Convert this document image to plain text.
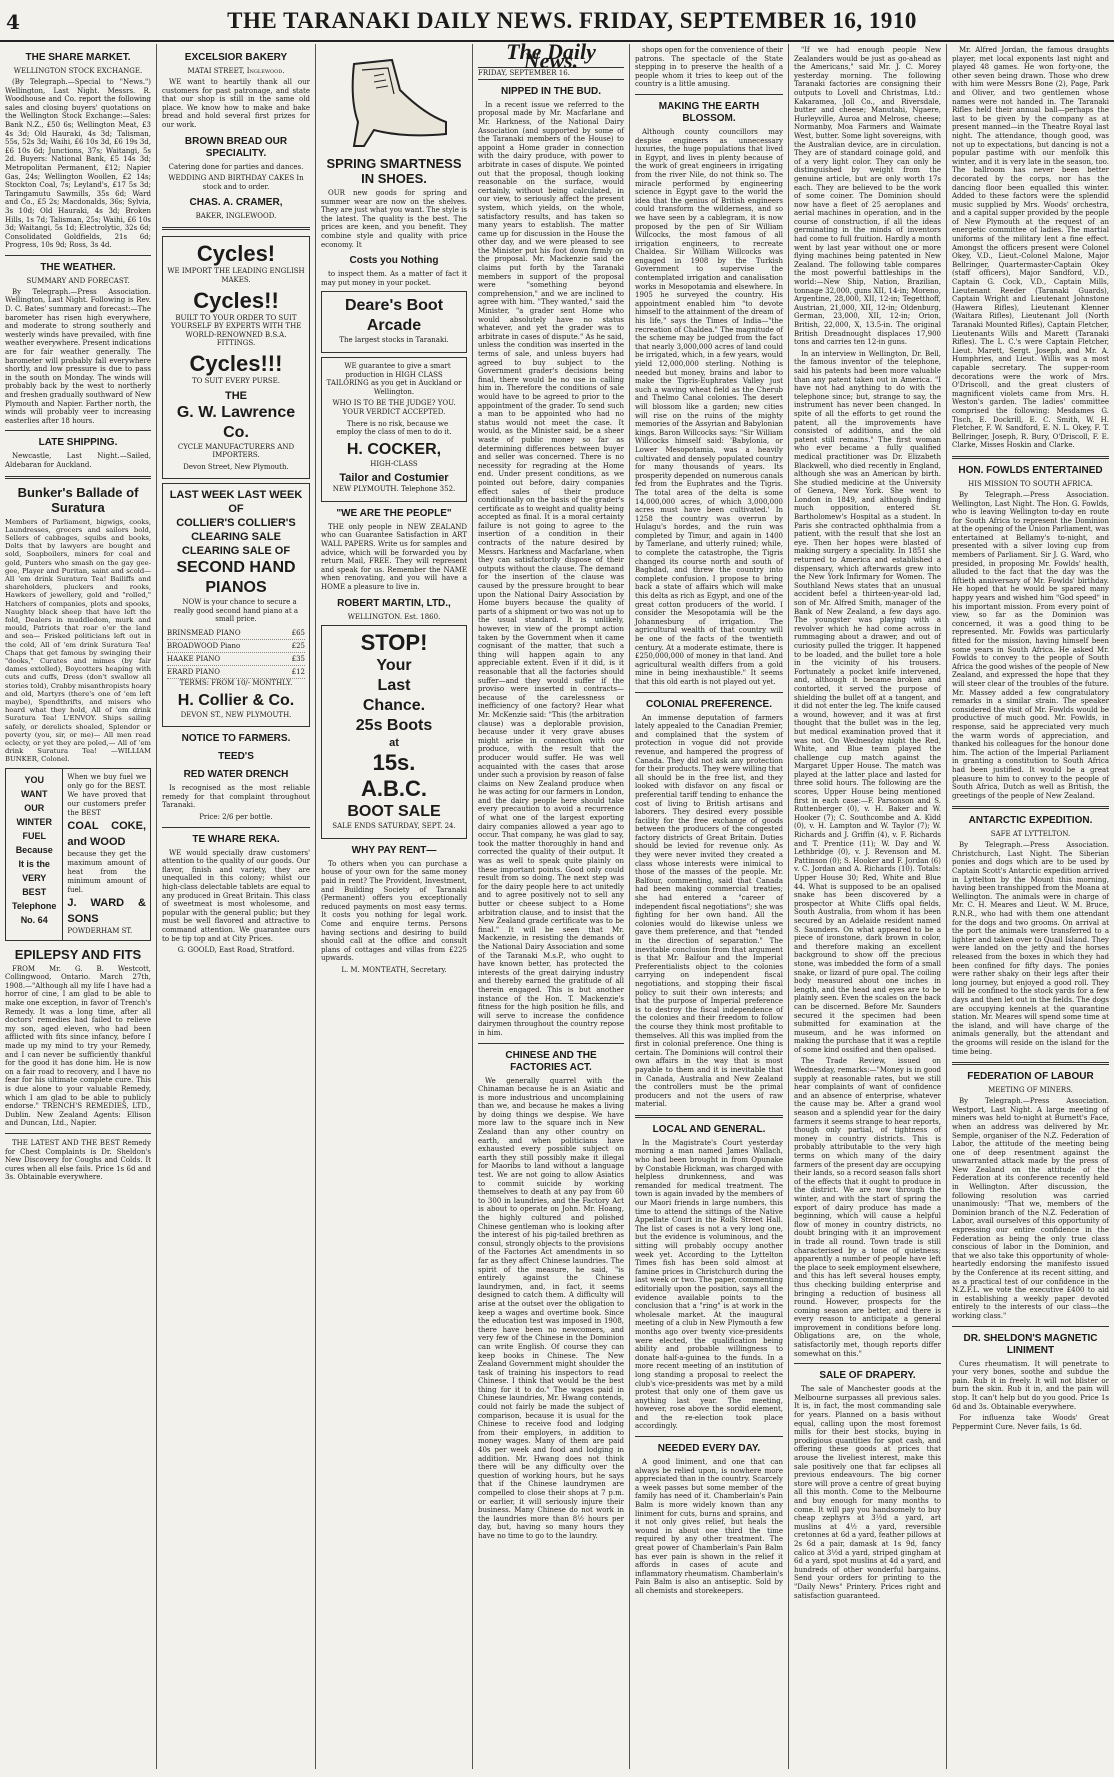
4	THE TARANAKI DAILY NEWS. FRIDAY, SEPTEMBER 16, 1910
THE SHARE MARKET.
WELLINGTON STOCK EXCHANGE.

(By Telegraph.—Special to "News.") Wellington, Last Night. Messrs. R. Woodhouse and Co. report the following sales and closing buyers' quotations on the Wellington Stock Exchange:—Sales: Bank N.Z., £50 6s; Wellington Meat, £3 4s 3d; Old Hauraki, 4s 3d; Talisman, 55s, 52s 3d; Waihi, £6 10s 3d, £6 19s 3d, £6 10s 6d; Junctions, 37s; Waitangi, 5s 2d. Buyers: National Bank, £5 14s 3d; Metropolitan Permanent, £12; Napier Gas, 24s; Wellington Woollen, £2 14s; Stockton Coal, 7s; Leyland's, £17 5s 3d; Taringamutu Sawmills, 35s 6d; Ward and Co., £5 2s; Macdonalds, 36s; Sylvia, 3s 10d; Old Hauraki, 4s 3d; Broken Hills, 1s 7d; Talisman, 25s; Waihi, £6 10s 3d; Waitangi, 5s 1d; Electrolytic, 32s 6d; Consolidated Goldfields, 21s 6d; Progress, 10s 9d; Ross, 3s 4d.

THE WEATHER.
SUMMARY AND FORECAST.

By Telegraph.—Press Association. Wellington, Last Night. Following is Rev. D. C. Bates' summary and forecast:—The barometer has risen high everywhere, and moderate to strong southerly and westerly winds have prevailed, with fine weather everywhere. Present indications are for fair weather generally. The barometer will probably fall everywhere shortly, and low pressure is due to pass in the south on Monday. The winds will probably back by the west to northerly and freshen gradually southward of New Plymouth and Napier. Farther north, the winds will probably veer to increasing easterlies after 18 hours.

LATE SHIPPING.

Newcastle, Last Night.—Sailed, Aldebaran for Auckland.

Bunker's Ballade of Suratura

Members of Parliament, bigwigs, cooks, Laundresses, grocers and sailors bold, Sellers of cabbages, squibs and books, Dolts that by lawyers are bought and sold, Soapboilers, miners for coal and gold, Punters who smash on the gay gee-gee, Player and Puritan, saint and scold— All 'em drink Suratura Tea! Bailiffs and shareholders, pluckers and rooks, Hawkers of jewellery, gold and "rolled," Hatchers of companies, plots and spooks, Naughty black sheep that have left the fold, Dealers in muddledom, murk and mould, Patriots that roar o'er the land and sea— Frisked politicians left out in the cold, All of 'em drink Suratura Tea! Chaps that get famous by swinging their "dooks," Curates and mimes (by fair dames extolled), Boycotters heaping with cuts and cuffs, Dress (don't swallow all stories told), Crabby misanthropists hoary and old, Martyrs (there's one of 'em left maybe), Spendthrifts, and misers who hoard what they hold, All of 'em drink Suratura Tea! L'ENVOY. Ships sailing safely, or derelicts shoaled, Splendor or poverty (you, sir, or me)— All men read eclecty, or yet they are poled,— All of 'em drink Suratura Tea! —WILLIAM BUNKER, Colonel.

YOU
WANT
OUR
WINTER
FUEL
Because
It is the
VERY
BEST
Telephone No. 64
When we buy fuel we only go for the BEST. We have proved that our customers prefer the BEST
COAL COKE, and WOOD
because they get the maximum amount of heat from the minimum amount of fuel.
J. WARD & SONS
POWDERHAM ST.
EPILEPSY AND FITS

FROM Mr. G. B. Westcott, Collingwood, Ontario. March 27th, 1908.—"Although all my life I have had a horror of cine, I am glad to be able to make one exception, in favor of Trench's Remedy. It was a long time, after all doctors' remedies had failed to relieve my son, aged eleven, who had been afflicted with fits since infancy, before I made up my mind to try your Remedy, and I can never be sufficiently thankful for the good it has done him. He is now on a fair road to recovery, and I have no fear for his ultimate complete cure. This is due alone to your valuable Remedy, which I am glad to be able to publicly endorse." TRENCH'S REMEDIES, LTD., Dublin. New Zealand Agents: Ellison and Duncan, Ltd., Napier.

THE LATEST AND THE BEST Remedy for Chest Complaints is Dr. Sheldon's New Discovery for Coughs and Colds. It cures when all else fails. Price 1s 6d and 3s. Obtainable everywhere.

EXCELSIOR BAKERY
MATAI STREET, Inglewood.

WE want to heartily thank all our customers for past patronage, and state that our shop is still in the same old place. We know how to make and bake bread and hold several first prizes for our work.

BROWN BREAD OUR SPECIALITY.

Catering done for parties and dances.

WEDDING AND BIRTHDAY CAKES In stock and to order.

CHAS. A. CRAMER,
BAKER, INGLEWOOD.
Cycles!

WE IMPORT THE LEADING ENGLISH MAKES.

Cycles!!

BUILT TO YOUR ORDER TO SUIT YOURSELF BY EXPERTS WITH THE WORLD-RENOWNED B.S.A. FITTINGS.

Cycles!!!

TO SUIT EVERY PURSE.

THE
G. W. Lawrence Co.

CYCLE MANUFACTURERS AND IMPORTERS.

Devon Street, New Plymouth.

LAST WEEK LAST WEEK OF
COLLIER'S COLLIER'S
CLEARING SALE CLEARING SALE OF
SECOND HAND PIANOS

NOW is your chance to secure a really good second hand piano at a small price.

BRINSMEAD PIANO	£65
BROADWOOD Piano	£25
HAAKE PIANO	£35
ERARD PIANO	£12

TERMS: FROM 10/- MONTHLY.

H. Collier & Co.

DEVON ST., NEW PLYMOUTH.

NOTICE TO FARMERS.
TEED'S
RED WATER DRENCH

Is recognised as the most reliable remedy for that complaint throughout Taranaki.

Price: 2/6 per bottle.

TE WHARE REKA.

WE would specially draw customers' attention to the quality of our goods. Our flavor, finish and variety, they are unequalled in this colony; whilst our high-class delectable tablets are equal to any produced in Great Britain. This class of sweetmeat is most wholesome, and popular with the general public; but they must be well flavored and attractive to command attention. We guarantee ours to be tip top and at City Prices.

G. GOOLD, East Road, Stratford.

SPRING SMARTNESS IN SHOES.

OUR new goods for spring and summer wear are now on the shelves. They are just what you want. The style is the latest. The quality is the best. The prices are keen, and you benefit. They combine style and quality with price economy. It

Costs you Nothing

to inspect them. As a matter of fact it may put money in your pocket.

Deare's Boot Arcade

The largest stocks in Taranaki.

WE guarantee to give a smart production in HIGH CLASS TAILORING as you get in Auckland or Wellington.

WHO IS TO BE THE JUDGE? YOU. YOUR VERDICT ACCEPTED.

There is no risk, because we employ the class of men to do it.

H. COCKER,

HIGH-CLASS

Tailor and Costumier

NEW PLYMOUTH. Telephone 352.

"WE ARE THE PEOPLE"

THE only people in NEW ZEALAND who can Guarantee Satisfaction in ART WALL PAPERS. Write us for samples and advice, which will be forwarded you by return Mail, FREE. They will represent and speak for us. Remember the NAME when renovating, and you will have a HOME a pleasure to live in.

ROBERT MARTIN, LTD.,

WELLINGTON. Est. 1860.

STOP!
Your
Last
Chance.
25s Boots
at
15s.
A.B.C.
BOOT SALE

SALE ENDS SATURDAY, SEPT. 24.

WHY PAY RENT—

To others when you can purchase a house of your own for the same money paid in rent? The Provident, Investment, and Building Society of Taranaki (Permanent) offers you exceptionally reduced payments on most easy terms. It costs you nothing for legal work. Come and enquire terms. Persons having sections and desiring to build should call at the office and consult plans of cottages and villas from £225 upwards.

L. M. MONTEATH, Secretary.

The Daily News.
FRIDAY, SEPTEMBER 16.
NIPPED IN THE BUD.

In a recent issue we referred to the proposal made by Mr. Macfarlane and Mr. Harkness, of the National Dairy Association (and supported by some of the Taranaki members of the House) to appoint a Home grader in connection with the dairy produce, with power to arbitrate in cases of dispute. We pointed out that the proposal, though looking reasonable on the surface, would certainly, without being calculated, in our view, to seriously affect the present system, which yields, on the whole, satisfactory results, and has taken so many years to establish. The matter came up for discussion in the House the other day, and we were pleased to see the Minister put his foot down firmly on the proposal. Mr. Mackenzie said the claims put forth by the Taranaki members in support of the proposal were "something beyond comprehension," and we are inclined to agree with him. "They wanted," said the Minister, "a grader sent Home who would absolutely have no status whatever, and yet the grader was to arbitrate in cases of dispute." As he said, unless the condition was inserted in the terms of sale, and unless buyers had agreed to buy subject to the Government grader's decisions being final, there would be no use in calling him in. Therefore the conditions of sale would have to be agreed to prior to the appointment of the grader. To send such a man to be appointed who had no status would not meet the case. It would, as the Minister said, be a sheer waste of public money so far as determining differences between buyer and seller was concerned. There is no necessity for regrading at the Home end. Under present conditions, as we pointed out before, dairy companies effect sales of their produce conditionally on the basis of the grader's certificate as to weight and quality being accepted as final. It is a moral certainty failure is not going to agree to the insertion of a condition in their contracts of the nature desired by Messrs. Harkness and Macfarlane, when they can satisfactorily dispose of their outputs without the clause. The demand for the insertion of the clause was caused by the pressure brought to bear upon the National Dairy Association by Home buyers because the quality of parts of a shipment or two was not up to the usual standard. It is unlikely, however, in view of the prompt action taken by the Government when it came cognisant of the matter, that such a thing will happen again to any appreciable extent. Even if it did, is it reasonable that all the factories should suffer—and they would suffer if the proviso were inserted in contracts—because of the carelessness or inefficiency of one factory? Hear what Mr. McKenzie said: "This (the arbitration clause) was a deplorable provision, because under it very grave abuses might arise in connection with our produce, with the result that the producer would suffer. He was well acquainted with the cases that arose under such a provision by reason of false claims on New Zealand produce when he was acting for our farmers in London, and the dairy people here should take every precaution to avoid a recurrence of what one of the largest exporting dairy companies allowed a year ago to occur. That company, he was glad to say, took the matter thoroughly in hand and corrected the quality of their output. It was as well to speak quite plainly on these important points. Good only could result from so doing. The next step was for the dairy people here to act unitedly and to agree positively not to sell any butter or cheese subject to a Home arbitration clause, and to insist that the New Zealand grade certificate was to be final." It will be seen that Mr. Mackenzie, in resisting the demands of the National Dairy Association and some of the Taranaki M.s.P., who ought to have known better, has protected the interests of the great dairying industry and thereby earned the gratitude of all therein engaged. This is but another instance of the Hon. T. Mackenzie's fitness for the high position he fills, and will serve to increase the confidence dairymen throughout the country repose in him.

CHINESE AND THE FACTORIES ACT.

We generally quarrel with the Chinaman because he is an Asiatic and is more industrious and uncomplaining than we, and because he makes a living by doing things we despise. We have more law to the square inch in New Zealand than any other country on earth, and when politicians have exhausted every possible subject on earth they still possibly make it illegal for Maoribs to land without a language test. We are not going to allow Asiatics to commit suicide by working themselves to death at any pay from 60 to 300 in laundries, and the Factory Act is about to operate on John. Mr. Hoang, the highly cultured and polished Chinese gentleman who is looking after the interest of his pig-tailed brethren as consul, strongly objects to the provisions of the Factories Act amendments in so far as they affect Chinese laundries. The spirit of the measure, he said, "is entirely against the Chinese laundrymen, and, in fact, it seems designed to catch them. A difficulty will arise at the outset over the obligation to keep a wages and overtime book. Since the education test was imposed in 1908, there have been no newcomers, and very few of the Chinese in the Dominion can write English. Of course they can keep books in Chinese. The New Zealand Government might shoulder the task of training his inspectors to read Chinese. I think that would be the best thing for it to do." The wages paid in Chinese laundries, Mr. Hwang contends, could not fairly be made the subject of comparison, because it is usual for the Chinese to receive food and lodging from their employers, in addition to money wages. Many of them are paid 40s per week and food and lodging in addition. Mr. Hwang does not think there will be any difficulty over the question of working hours, but he says that if the Chinese laundrymen are compelled to close their shops at 7 p.m. or earlier, it will seriously injure their business. Many Chinese do not work in the laundries more than 8½ hours per day, but, having so many hours they have no time to go to the laundry.

shops open for the convenience of their patrons. The spectacle of the State stepping in to preserve the health of a people whom it tries to keep out of the country is a little amusing.

MAKING THE EARTH BLOSSOM.

Although county councillors may despise engineers as unnecessary luxuries, the huge populations that lived in Egypt, and lives in plenty because of the work of great engineers in irrigating from the river Nile, do not think so. The miracle performed by engineering science in Egypt gave to the world the idea that the genius of British engineers could transform the wilderness, and so we have seen by a cablegram, it is now proposed by the pen of Sir William Willcocks, the most famous of all irrigation engineers, to recreate Chaldea. Sir William Willcocks was engaged in 1908 by the Turkish Government to supervise the contemplated irrigation and canalisation works in Mesopotamia and elsewhere. In 1905 he surveyed the country. His appointment enabled him "to devote himself to the attainment of the dream of his life," says the Times of India—"the recreation of Chaldea." The magnitude of the scheme may be judged from the fact that nearly 3,000,000 acres of land could be irrigated, which, in a few years, would yield 12,000,000 sterling. Nothing is needed but money, brains and labor to make the Tigris-Euphrates Valley just such a waving wheat field as the Cherub and Thelmo Canal colonies. The desert will blossom like a garden; new cities will rise on the ruins of the mighty memories of the Assyrian and Babylonian kings. Baron Willcocks says: "Sir William Willcocks himself said: 'Babylonia, or Lower Mesopotamia, was a heavily cultivated and densely populated country for many thousands of years. Its prosperity depended on numerous canals fed from the Euphrates and the Tigris. The total area of the delta is some 14,000,000 acres, of which 3,000,000 acres must have been cultivated.' In 1258 the country was overrun by Hulagu's hordes, and the ruin was completed by Timur, and again in 1400 by Tamerlane, and utterly ruined; while, to complete the catastrophe, the Tigris changed its course north and south of Baghdad, and threw the country into complete confusion. I propose to bring back a state of affairs which will make this delta as rich as Egypt, and one of the great cotton producers of the world. I consider the Mesopotamia will be the Johannesburg of irrigation. The agricultural wealth of that country will be one of the facts of the twentieth century. At a moderate estimate, there is £250,000,000 of money in that land. And agricultural wealth differs from a gold mine in being inexhaustible." It seems that this old earth is not played out yet.

COLONIAL PREFERENCE.

An immense deputation of farmers lately appealed to the Canadian Premier, and complained that the system of protection in vogue did not provide revenue, and hampered the progress of Canada. They did not ask any protection for their products. They were willing that all should be in the free list, and they looked with disfavor on any fiscal or preferential tariff tending to enhance the cost of living to British artisans and laborers. They desired every possible facility for the free exchange of goods between the producers of the congested factory districts of Great Britain. Duties should be levied for revenue only. As they were never invited they created a class whose interests were inimical to those of the masses of the people. Mr. Balfour, commenting, said that Canada had been making commercial treaties; she had entered a "career of independent fiscal negotiations"; she was fighting for her own hand. All the colonies would do likewise unless we gave them preference, and that "tended in the direction of separation." The inevitable conclusion from that argument is that Mr. Balfour and the Imperial Preferentialists object to the colonies carrying on independent fiscal negotiations, and stopping their fiscal policy to suit their own interests; and that the purpose of Imperial preference is to destroy the fiscal independence of the colonies and their freedom to follow the course they think most profitable to themselves. All this was implied from the first in colonial preference. One thing is certain. The Dominions will control their own affairs in the way that is most payable to them and it is inevitable that in Canada, Australia and New Zealand the controllers must be the primal producers and not the users of raw material.

LOCAL AND GENERAL.

In the Magistrate's Court yesterday morning a man named James Wallach, who had been brought in from Opunake by Constable Hickman, was charged with helpless drunkenness, and was remanded for medical treatment. The town is again invaded by the members of our Maori friends in large numbers, this time to attend the sittings of the Native Appellate Court in the Rolls Street Hall. The list of cases is not a very long one, but the evidence is voluminous, and the sitting will probably occupy another week yet. According to the Lyttelton Times fish has been sold almost at famine prices in Christchurch during the last week or two. The paper, commenting editorially upon the position, says all the evidence available points to the conclusion that a "ring" is at work in the wholesale market. At the inaugural meeting of a club in New Plymouth a few months ago over twenty vice-presidents were elected, the qualification being ability and probable willingness to donate half-a-guinea to the funds. In a more recent meeting of an institution of long standing a proposal to reelect the club's vice-presidents was met by a mild protest that only one of them gave us anything last year. The meeting, however, rose above the sordid element, and the re-election took place accordingly.

NEEDED EVERY DAY.

A good liniment, and one that can always be relied upon, is nowhere more appreciated than in the country. Scarcely a week passes but some member of the family has need of it. Chamberlain's Pain Balm is more widely known than any liniment for cuts, burns and sprains, and it not only gives relief, but heals the wound in about one third the time required by any other treatment. The great power of Chamberlain's Pain Balm has ever pain is shown in the relief it affords in cases of acute and inflammatory rheumatism. Chamberlain's Pain Balm is also an antiseptic. Sold by all chemists and storekeepers.

"If we had enough people New Zealanders would be just as go-ahead as the Americans," said Mr. J. C. Morey yesterday morning. The following Taranaki factories are consigning their outputs to Lovell and Christmas, Ltd.: Kakaramea, Joll Co., and Riversdale, butter and cheese; Manutahi, Ngaere, Hurleyville, Auroa and Melrose, cheese; Normanby, Moa Farmers and Waimate West, butter. Some light sovereigns, with the Australian device, are in circulation. They are of standard coinage gold, and of a very light color. They can only be distinguished by weight from the genuine article, but are only worth 17s each. They are believed to be the work of some coiner. The Dominion should now have a fleet of 25 aeroplanes and aerial machines in operation, and in the course of construction, if all the ideas germinating in the minds of inventors had come to full fruition. Hardly a month went by last year without one or more flying machines being patented in New Zealand. The following table compares the most powerful battleships in the world:—New Ship, Nation, Brazilian, tonnage 32,000, guns XII, 14-in; Moreno, Argentine, 28,000, XII, 12-in; Tegetthoff, Austrian, 21,000, XII, 12-in; Oldenburg, German, 23,000, XII, 12-in; Orion, British, 22,000, X, 13.5-in. The original British Dreadnought displaces 17,900 tons and carries ten 12-in guns.

In an interview in Wellington, Dr. Bell, the famous inventor of the telephone, said his patents had been more valuable than any patent taken out in America. "I have not had anything to do with the telephone since; but, strange to say, the instrument has never been changed. In spite of all the efforts to get round the patent, all the improvements have consisted of additions, and the old patent still remains." The first woman who ever became a fully qualified medical practitioner was Dr. Elizabeth Blackwell, who died recently in England, although she was an American by birth. She studied medicine at the University of Geneva, New York. She went to London in 1849, and although finding much opposition, entered St. Bartholomew's Hospital as a student. In Paris she contracted ophthalmia from a patient, with the result that she lost an eye. Then her hopes were blasted of making surgery a speciality. In 1851 she returned to America and established a dispensary, which afterwards grew into the New York Infirmary for Women. The Southland News states that an unusual accident befel a thirteen-year-old lad, son of Mr. Alfred Smith, manager of the Bank of New Zealand, a few days ago. The youngster was playing with a revolver which he had come across in rummaging about a drawer, and out of curiosity pulled the trigger. It happened to be loaded, and the bullet tore a hole in the vicinity of his trousers. Fortunately a pocket knife intervened, and, although it became broken and contorted, it served the purpose of shielding the bullet off at a tangent, and it did not enter the leg. The knife caused a wound, however, and it was at first thought that the bullet was in the leg, but medical examination proved that it was not. On Wednesday night the Red, White, and Blue team played the challenge cup match against the Margaret Upper House. The match was played at the latter place and lasted for three solid hours. The following are the scores, Upper House being mentioned first in each case:—F. Parsonson and S. Ruttenberger (0), v. H. Baker and W. Hooker (7); C. Southcombe and A. Kidd (0), v. H. Lampton and W. Taylor (7); W. Richards and J. Griffin (4), v. F. Richards and T. Prentice (11); W. Day and W. Lethbridge (0), v. J. Revenson and M. Pattinson (0); S. Hooker and F. Jordan (6) v. C. Jordan and A. Richards (10). Totals: Upper House 30; Red, White and Blue 44. What is supposed to be an opalised snake has been discovered by a prospector at White Cliffs opal fields, South Australia, from whom it has been secured by an Adelaide resident named S. Saunders. On what appeared to be a piece of ironstone, dark brown in color, and therefore making an excellent background to show off the precious stone, was imbedded the form of a small snake, or lizard of pure opal. The coiling body measured about one inches in length, and the head and eyes are to be plainly seen. Even the scales on the back can be discerned. Before Mr. Saunders secured it the specimen had been submitted for examination at the museum, and he was informed on making the purchase that it was a reptile of some kind ossified and then opalised.

The Trade Review, issued on Wednesday, remarks:—"Money is in good supply at reasonable rates, but we still hear complaints of want of confidence and an absence of enterprise, whatever the cause may be. After a grand wool season and a splendid year for the dairy farmers it seems strange to hear reports, though only partial, of tightness of money in country districts. This is probably attributable to the very high terms on which many of the dairy farmers of the present day are occupying their lands, so a record season falls short of the effects that it ought to produce in the district. We are now through the winter, and with the start of spring the export of dairy produce has made a beginning, which will cause a helpful flow of money in country districts, no doubt bringing with it an improvement in trade all round. Town trade is still characterised by a tone of quietness; apparently a number of people have left the place to seek employment elsewhere, and this has left several houses empty, thus checking building enterprise and bringing a reduction of business all round. However, prospects for the coming season are better, and there is every reason to anticipate a general improvement in conditions before long. Obligations are, on the whole, satisfactorily met, though reports differ somewhat on this."

SALE OF DRAPERY.

The sale of Manchester goods at the Melbourne surpasses all previous sales. It is, in fact, the most commanding sale for years. Planned on a basis without equal, calling upon the most foremost mills for their best stocks, buying in prodigious quantities for spot cash, and offering these goods at prices that arouse the liveliest interest, make this sale positively one that far eclipses all previous endeavours. The big corner store will prove a centre of great buying all this month. Come to the Melbourne and buy enough for many months to come. It will pay you handsomely to buy cheap zephyrs at 3½d a yard, art muslins at 4½ a yard, reversible cretonnes at 6d a yard, feather pillows at 2s 6d a pair, damask at 1s 9d, fancy calico at 3½d a yard, striped gingham at 6d a yard, spot muslins at 4d a yard, and hundreds of other wonderful bargains. Send your orders for printing to the "Daily News" Printery. Prices right and satisfaction guaranteed.

Mr. Alfred Jordan, the famous draughts player, met local exponents last night and played 48 games. He won forty-one, the other seven being drawn. Those who drew with him were Messrs Bone (2), Page, Park and Oliver, and two gentlemen whose names were not handed in. The Taranaki Rifles held their annual ball—perhaps the last to be given by the company as at present manned—in the Theatre Royal last night. The attendance, though good, was not up to expectations, but dancing is not a popular pastime with our menfolk this winter, and it is very late in the season, too. The ballroom has never been better decorated by the corps, nor has the dancing floor been equalled this winter. Added to these factors were the splendid music supplied by Mrs. Woods' orchestra, and a capital supper provided by the people of New Plymouth at the request of an energetic committee of ladies. The martial uniforms of the military lent a fine effect. Amongst the officers present were Colonel Okey, V.D., Lieut.-Colonel Malone, Major Bellringer, Quartermaster-Captain Okey (staff officers), Major Sandford, V.D., Captain G. Cock, V.D., Captain Mills, Lieutenant Reeder (Taranaki Guards), Captain Wright and Lieutenant Johnstone (Hawera Rifles), Lieutenant Klenner (Waitara Rifles), Lieutenant Joll (North Taranaki Mounted Rifles), Captain Fletcher, Lieutenants Wills and Marett (Taranaki Rifles). The L. C.'s were Captain Fletcher, Lieut. Marett, Sergt. Joseph, and Mr. A. Humphries, and Lieut. Willis was a most capable secretary. The supper-room decorations were the work of Mrs. O'Driscoll, and the great clusters of magnificent violets came from Mrs. H. Weston's garden. The ladies' committee comprised the following: Mesdames G. Tisch, E. Dockrill, E. C. Smith, W. H. Fletcher, F. W. Sandford, E. N. L. Okey, F. T. Bellringer, Joseph, R. Bury, O'Driscoll, F. E. Clarke, Misses Hoskin and Clarke.

HON. FOWLDS ENTERTAINED
HIS MISSION TO SOUTH AFRICA.

By Telegraph.—Press Association. Wellington, Last Night. The Hon. G. Fowlds, who is leaving Wellington to-day en route for South Africa to represent the Dominion at the opening of the Union Parliament, was entertained at Bellamy's to-night, and presented with a silver loving cup from members of Parliament. Sir J. G. Ward, who presided, in proposing Mr. Fowlds' health, alluded to the fact that the day was the fiftieth anniversary of Mr. Fowlds' birthday. He hoped that he would be spared many happy years and wished him "God speed" in his important mission. From every point of view, so far as the Dominion was concerned, it was a good thing to be represented. Mr. Fowlds was particularly fitted for the mission, having himself been some years in South Africa. He asked Mr. Fowlds to convey to the people of South Africa the good wishes of the people of New Zealand, and expressed the hope that they will steer clear of the troubles of the future. Mr. Massey added a few congratulatory remarks in a similar strain. The speaker considered the visit of Mr. Fowlds would be productive of much good. Mr. Fowlds, in response, said he appreciated very much the warm words of appreciation, and thanked his colleagues for the honour done him. The action of the Imperial Parliament in granting a constitution to South Africa had been justified. It would be a great pleasure to him to convey to the people of South Africa, Dutch as well as British, the greetings of the people of New Zealand.

ANTARCTIC EXPEDITION.
SAFE AT LYTTELTON.

By Telegraph.—Press Association. Christchurch, Last Night. The Siberian ponies and dogs which are to be used by Captain Scott's Antarctic expedition arrived in Lyttelton by the Mount this morning, having been transhipped from the Moana at Wellington. The animals were in charge of Mr. C. H. Meares and Lieut. W. M. Bruce, R.N.R., who had with them one attendant for the dogs and two grooms. On arrival at the port the animals were transferred to a lighter and taken over to Quail Island. They were landed on the jetty and the horses released from the boxes in which they had been confined for fifty days. The ponies were rather shaky on their legs after their long journey, but enjoyed a good roll. They will be confined to the stock yards for a few days and then let out in the fields. The dogs are occupying kennels at the quarantine station. Mr. Meares will spend some time at the island, and will have charge of the animals generally, but the attendant and the grooms will reside on the island for the time being.

FEDERATION OF LABOUR
MEETING OF MINERS.

By Telegraph.—Press Association. Westport, Last Night. A large meeting of miners was held to-night at Burnett's Face, when an address was delivered by Mr. Semple, organiser of the N.Z. Federation of Labor, the attitude of the meeting being one of deep resentment against the unwarranted attack made by the press of New Zealand on the attitude of the Federation at its conference recently held in Wellington. After discussion, the following resolution was carried unanimously: "That we, members of the Dominion branch of the N.Z. Federation of Labor, avail ourselves of this opportunity of expressing our entire confidence in the Federation as being the only true class conscious of labor in the Dominion, and that we also take this opportunity of whole-heartedly endorsing the manifesto issued by the Conference at its recent sitting, and as a practical test of our confidence in the N.Z.F.L. we vote the executive £400 to aid in establishing a weekly paper devoted entirely to the interests of our class—the working class."

DR. SHELDON'S MAGNETIC LINIMENT

Cures rheumatism. It will penetrate to your very bones, soothe and subdue the pain. Rub it in freely. It will not blister or burn the skin. Rub it in, and the pain will stop. It can't help but do you good. Price 1s 6d and 3s. Obtainable everywhere.

For influenza take Woods' Great Peppermint Cure. Never fails, 1s 6d.
